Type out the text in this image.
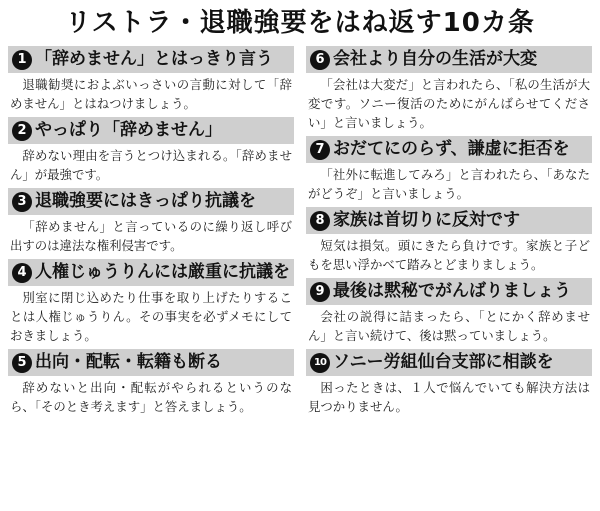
リストラ・退職強要をはね返す10カ条
1 「辞めません」とはっきり言う
退職勧奨におよぶいっさいの言動に対して「辞めません」とはねつけましょう。
2 やっぱり「辞めません」
辞めない理由を言うとつけ込まれる。「辞めません」が最強です。
3 退職強要にはきっぱり抗議を
「辞めません」と言っているのに繰り返し呼び出すのは違法な権利侵害です。
4 人権じゅうりんには厳重に抗議を
別室に閉じ込めたり仕事を取り上げたりすることは人権じゅうりん。その事実を必ずメモにしておきましょう。
5 出向・配転・転籍も断る
辞めないと出向・配転がやられるというのなら、「そのとき考えます」と答えましょう。
6 会社より自分の生活が大変
「会社は大変だ」と言われたら、「私の生活が大変です。ソニー復活のためにがんばらせてください」と言いましょう。
7 おだてにのらず、謙虚に拒否を
「社外に転進してみろ」と言われたら、「あなたがどうぞ」と言いましょう。
8 家族は首切りに反対です
短気は損気。頭にきたら負けです。家族と子どもを思い浮かべて踏みとどまりましょう。
9 最後は黙秘でがんばりましょう
会社の説得に詰まったら、「とにかく辞めません」と言い続けて、後は黙っていましょう。
10 ソニー労組仙台支部に相談を
困ったときは、１人で悩んでいても解決方法は見つかりません。
